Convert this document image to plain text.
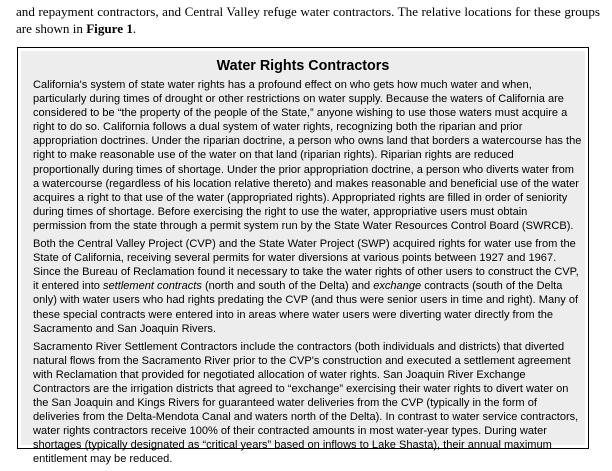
and repayment contractors, and Central Valley refuge water contractors. The relative locations for these groups are shown in Figure 1.
Water Rights Contractors

California's system of state water rights has a profound effect on who gets how much water and when, particularly during times of drought or other restrictions on water supply. Because the waters of California are considered to be “the property of the people of the State,” anyone wishing to use those waters must acquire a right to do so. California follows a dual system of water rights, recognizing both the riparian and prior appropriation doctrines. Under the riparian doctrine, a person who owns land that borders a watercourse has the right to make reasonable use of the water on that land (riparian rights). Riparian rights are reduced proportionally during times of shortage. Under the prior appropriation doctrine, a person who diverts water from a watercourse (regardless of his location relative thereto) and makes reasonable and beneficial use of the water acquires a right to that use of the water (appropriated rights). Appropriated rights are filled in order of seniority during times of shortage. Before exercising the right to use the water, appropriative users must obtain permission from the state through a permit system run by the State Water Resources Control Board (SWRCB).

Both the Central Valley Project (CVP) and the State Water Project (SWP) acquired rights for water use from the State of California, receiving several permits for water diversions at various points between 1927 and 1967. Since the Bureau of Reclamation found it necessary to take the water rights of other users to construct the CVP, it entered into settlement contracts (north and south of the Delta) and exchange contracts (south of the Delta only) with water users who had rights predating the CVP (and thus were senior users in time and right). Many of these special contracts were entered into in areas where water users were diverting water directly from the Sacramento and San Joaquin Rivers.

Sacramento River Settlement Contractors include the contractors (both individuals and districts) that diverted natural flows from the Sacramento River prior to the CVP's construction and executed a settlement agreement with Reclamation that provided for negotiated allocation of water rights. San Joaquin River Exchange Contractors are the irrigation districts that agreed to “exchange” exercising their water rights to divert water on the San Joaquin and Kings Rivers for guaranteed water deliveries from the CVP (typically in the form of deliveries from the Delta-Mendota Canal and waters north of the Delta). In contrast to water service contractors, water rights contractors receive 100% of their contracted amounts in most water-year types. During water shortages (typically designated as “critical years” based on inflows to Lake Shasta), their annual maximum entitlement may be reduced.
